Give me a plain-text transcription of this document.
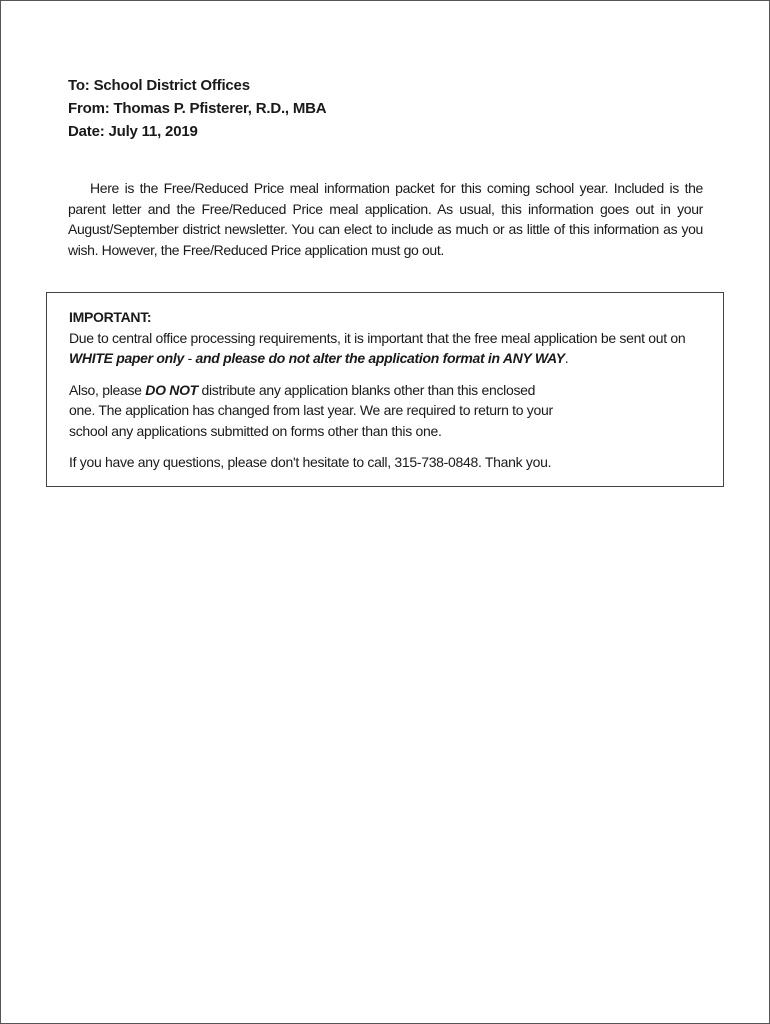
To: School District Offices
From: Thomas P. Pfisterer, R.D., MBA
Date: July 11, 2019

Here is the Free/Reduced Price meal information packet for this coming school year. Included is the parent letter and the Free/Reduced Price meal application. As usual, this information goes out in your August/September district newsletter. You can elect to include as much or as little of this information as you wish. However, the Free/Reduced Price application must go out.

IMPORTANT:

Due to central office processing requirements, it is important that the free meal application be sent out on WHITE paper only - and please do not alter the application format in ANY WAY.

Also, please DO NOT distribute any application blanks other than this enclosed
one. The application has changed from last year. We are required to return to your
school any applications submitted on forms other than this one.

If you have any questions, please don't hesitate to call, 315-738-0848. Thank you.
